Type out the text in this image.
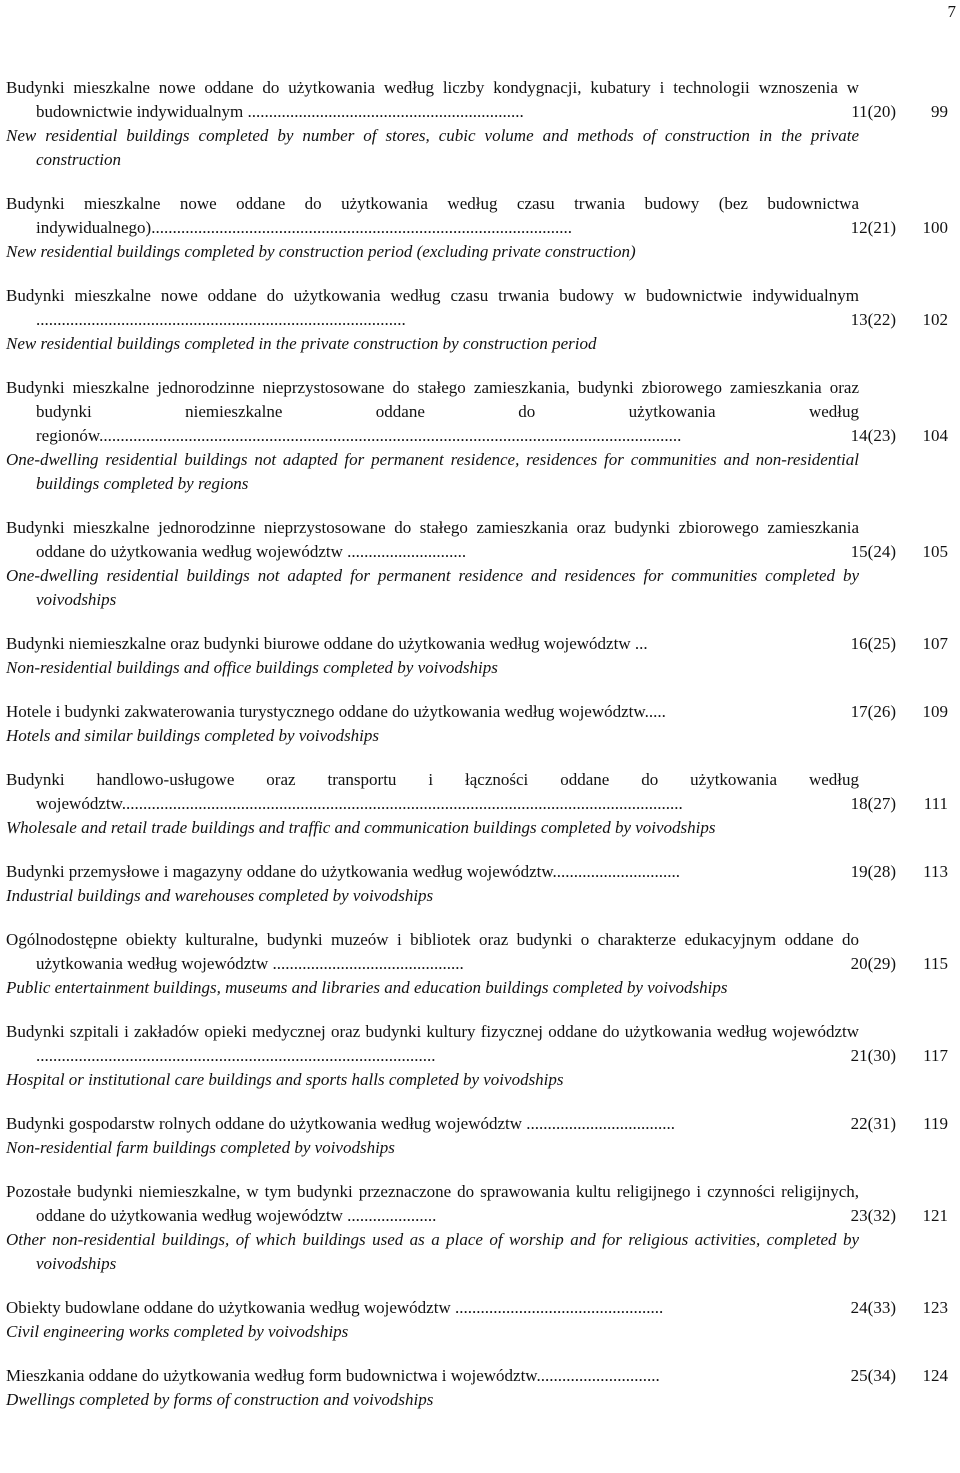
7
Budynki mieszkalne nowe oddane do użytkowania według liczby kondygnacji, kubatury i technologii wznoszenia w budownictwie indywidualnym .................................................................	11(20)	99
New residential buildings completed by number of stores, cubic volume and methods of construction in the private construction
Budynki mieszkalne nowe oddane do użytkowania według czasu trwania budowy (bez budownictwa indywidualnego)...................................................................................................	12(21)	100
New residential buildings completed by construction period (excluding private construction)
Budynki mieszkalne nowe oddane do użytkowania według czasu trwania budowy w budownictwie indywidualnym .......................................................................................	13(22)	102
New residential buildings completed in the private construction by construction period
Budynki mieszkalne jednorodzinne nieprzystosowane do stałego zamieszkania, budynki zbiorowego zamieszkania oraz budynki niemieszkalne oddane do użytkowania według regionów.........................................................................................................................................	14(23)	104
One-dwelling residential buildings not adapted for permanent residence, residences for communities and non-residential buildings completed by regions
Budynki mieszkalne jednorodzinne nieprzystosowane do stałego zamieszkania oraz budynki zbiorowego zamieszkania oddane do użytkowania według województw ............................	15(24)	105
One-dwelling residential buildings not adapted for permanent residence and residences for communities completed by voivodships
Budynki niemieszkalne oraz budynki biurowe oddane do użytkowania według województw ...	16(25)	107
Non-residential buildings and office buildings completed by voivodships
Hotele i budynki zakwaterowania turystycznego oddane do użytkowania według województw.....	17(26)	109
Hotels and similar buildings completed by voivodships
Budynki handlowo-usługowe oraz transportu i łączności oddane do użytkowania według województw....................................................................................................................................	18(27)	111
Wholesale and retail trade buildings and traffic and communication buildings completed by voivodships
Budynki przemysłowe i magazyny oddane do użytkowania według województw..............................	19(28)	113
Industrial buildings and warehouses completed by voivodships
Ogólnodostępne obiekty kulturalne, budynki muzeów i bibliotek oraz budynki o charakterze edukacyjnym oddane do użytkowania według województw .............................................	20(29)	115
Public entertainment buildings, museums and libraries and education buildings completed by voivodships
Budynki szpitali i zakładów opieki medycznej oraz budynki kultury fizycznej oddane do użytkowania według województw ..............................................................................................	21(30)	117
Hospital or institutional care buildings and sports halls completed by voivodships
Budynki gospodarstw rolnych oddane do użytkowania według województw ...................................	22(31)	119
Non-residential farm buildings completed by voivodships
Pozostałe budynki niemieszkalne, w tym budynki przeznaczone do sprawowania kultu religijnego i czynności religijnych, oddane do użytkowania według województw .....................	23(32)	121
Other non-residential buildings, of which buildings used as a place of worship and for religious activities, completed by voivodships
Obiekty budowlane oddane do użytkowania według województw .................................................	24(33)	123
Civil engineering works completed by voivodships
Mieszkania oddane do użytkowania według form budownictwa i województw.............................	25(34)	124
Dwellings completed by forms of construction and voivodships
